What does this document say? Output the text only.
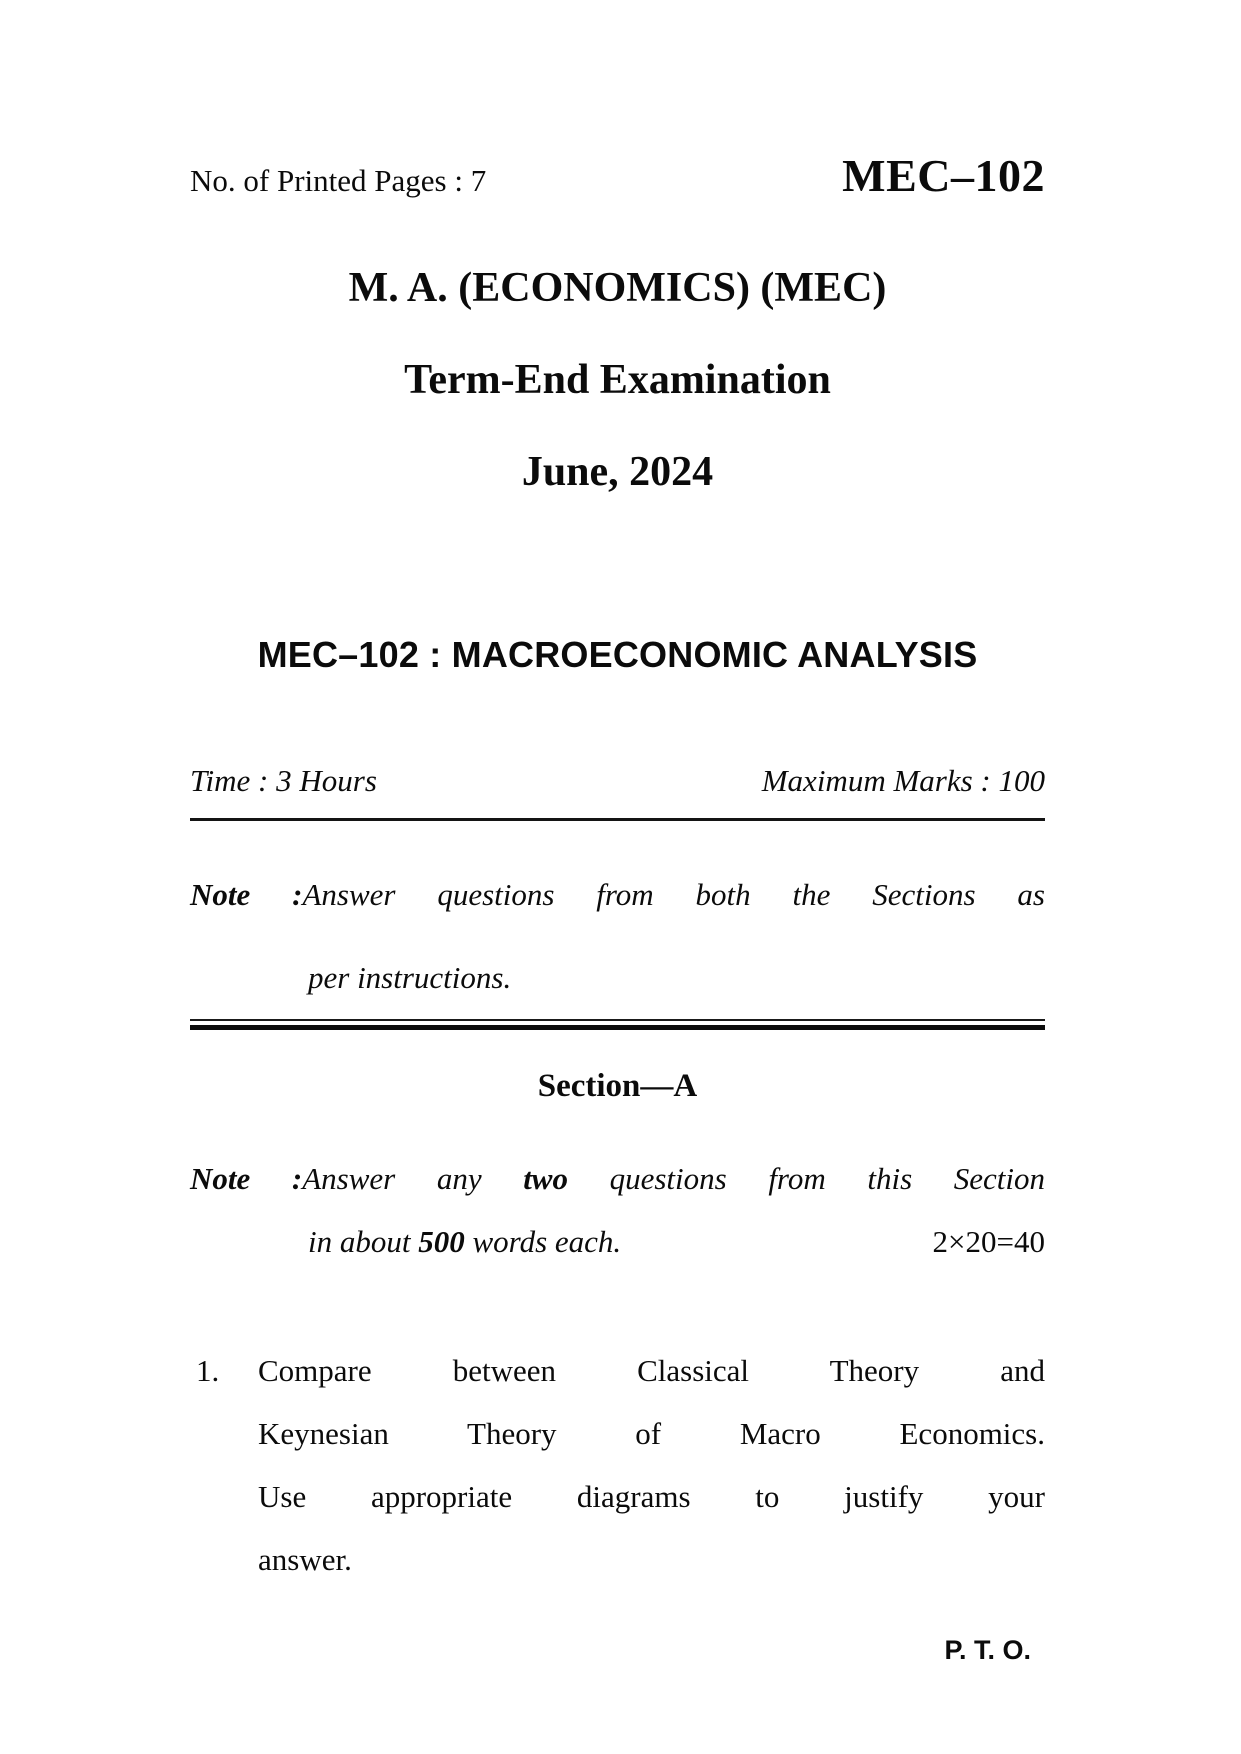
No. of Printed Pages : 7	MEC–102
M. A. (ECONOMICS) (MEC)
Term-End Examination
June, 2024
MEC–102 : MACROECONOMIC ANALYSIS
Time : 3 Hours	Maximum Marks : 100
Note :Answer questions from both the Sections as
per instructions.
Section—A
Note :Answer any two questions from this Section
in about 500 words each.	2×20=40
1.	Compare between Classical Theory and
Keynesian Theory of Macro Economics.
Use appropriate diagrams to justify your
answer.
P. T. O.
